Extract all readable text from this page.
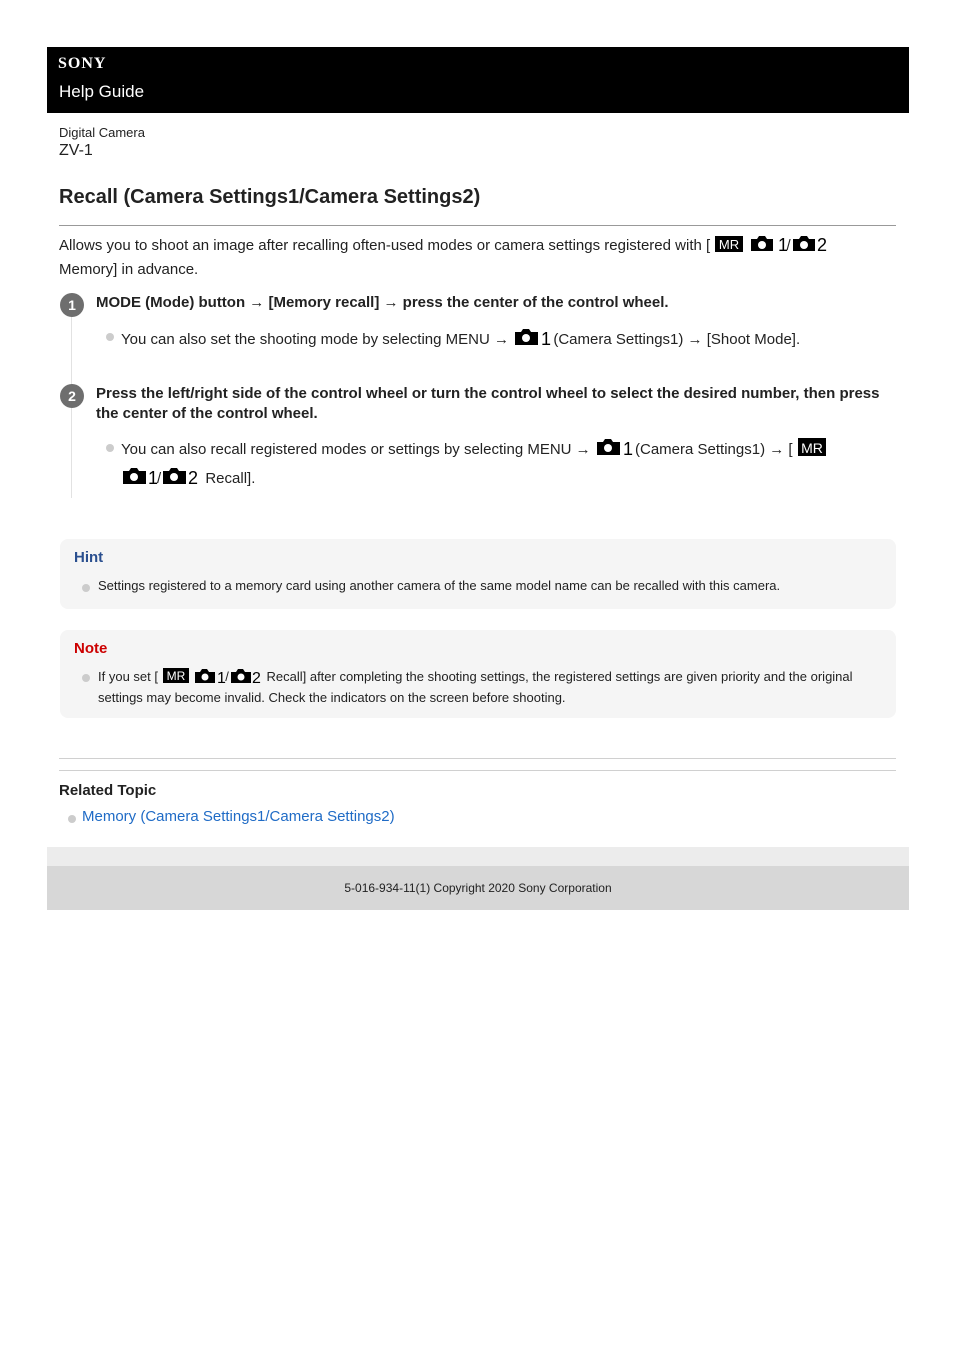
SONY
Help Guide
Digital Camera
ZV-1
Recall (Camera Settings1/Camera Settings2)
Allows you to shoot an image after recalling often-used modes or camera settings registered with [ MR
1
/ 2

Memory] in advance.
1	MODE (Mode) button → [Memory recall] → press the center of the control wheel.
You can also set the shooting mode by selecting MENU → 1 (Camera Settings1) → [Shoot Mode].
2	Press the left/right side of the control wheel or turn the control wheel to select the desired number, then press the center of the control wheel.
You can also recall registered modes or settings by selecting MENU → 1 (Camera Settings1) → [ MR

1
/ 2 Recall].
Hint
Settings registered to a memory card using another camera of the same model name can be recalled with this camera.
Note
If you set [ MR
1 / 2 Recall] after completing the shooting settings, the registered settings are given priority and the original settings may become invalid. Check the indicators on the screen before shooting.
Related Topic
Memory (Camera Settings1/Camera Settings2)
5-016-934-11(1) Copyright 2020 Sony Corporation
